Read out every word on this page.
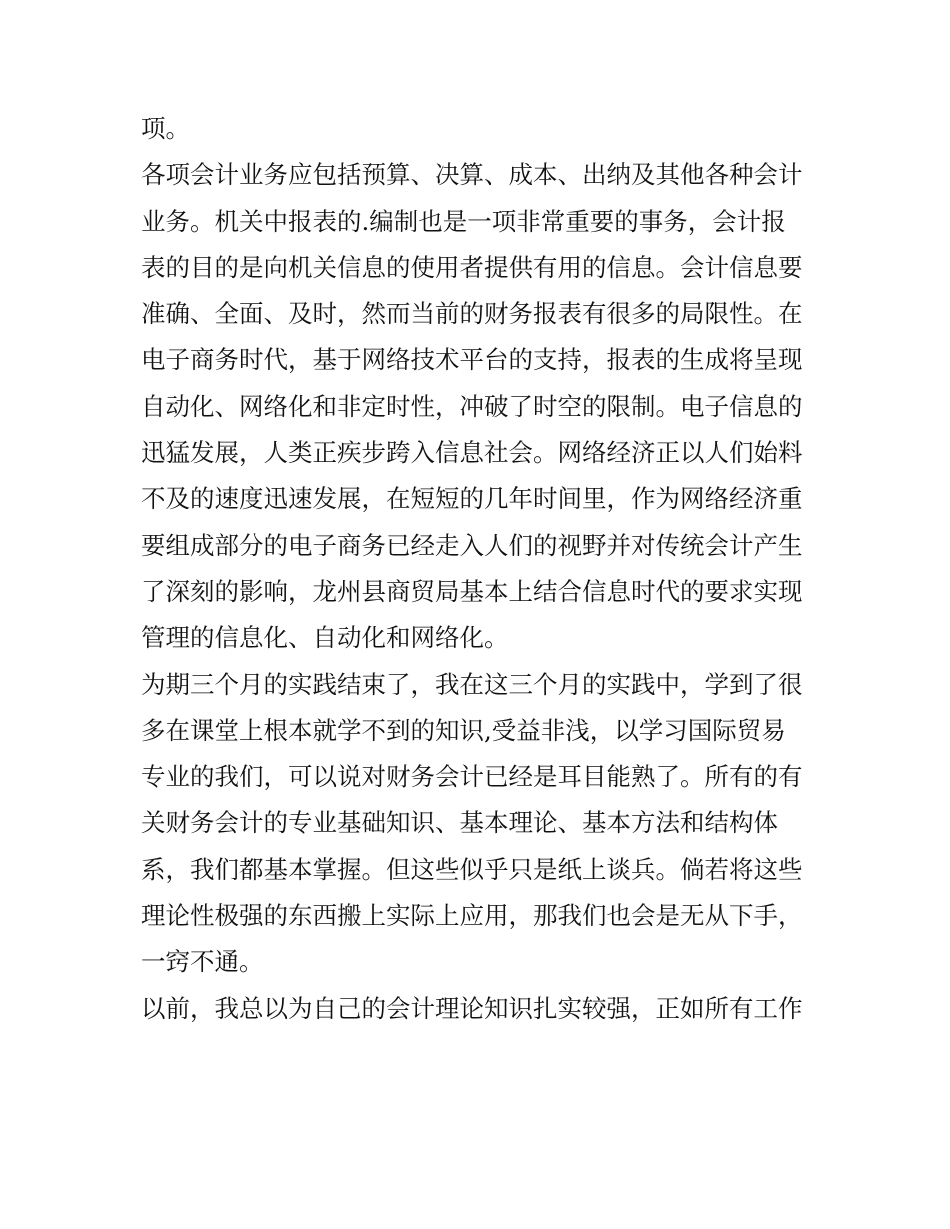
项。
各项会计业务应包括预算、决算、成本、出纳及其他各种会计
业务。机关中报表的.编制也是一项非常重要的事务，会计报
表的目的是向机关信息的使用者提供有用的信息。会计信息要
准确、全面、及时，然而当前的财务报表有很多的局限性。在
电子商务时代，基于网络技术平台的支持，报表的生成将呈现
自动化、网络化和非定时性，冲破了时空的限制。电子信息的
迅猛发展，人类正疾步跨入信息社会。网络经济正以人们始料
不及的速度迅速发展，在短短的几年时间里，作为网络经济重
要组成部分的电子商务已经走入人们的视野并对传统会计产生
了深刻的影响，龙州县商贸局基本上结合信息时代的要求实现
管理的信息化、自动化和网络化。
为期三个月的实践结束了，我在这三个月的实践中，学到了很
多在课堂上根本就学不到的知识,受益非浅，以学习国际贸易
专业的我们，可以说对财务会计已经是耳目能熟了。所有的有
关财务会计的专业基础知识、基本理论、基本方法和结构体
系，我们都基本掌握。但这些似乎只是纸上谈兵。倘若将这些
理论性极强的东西搬上实际上应用，那我们也会是无从下手，
一窍不通。
以前，我总以为自己的会计理论知识扎实较强，正如所有工作
